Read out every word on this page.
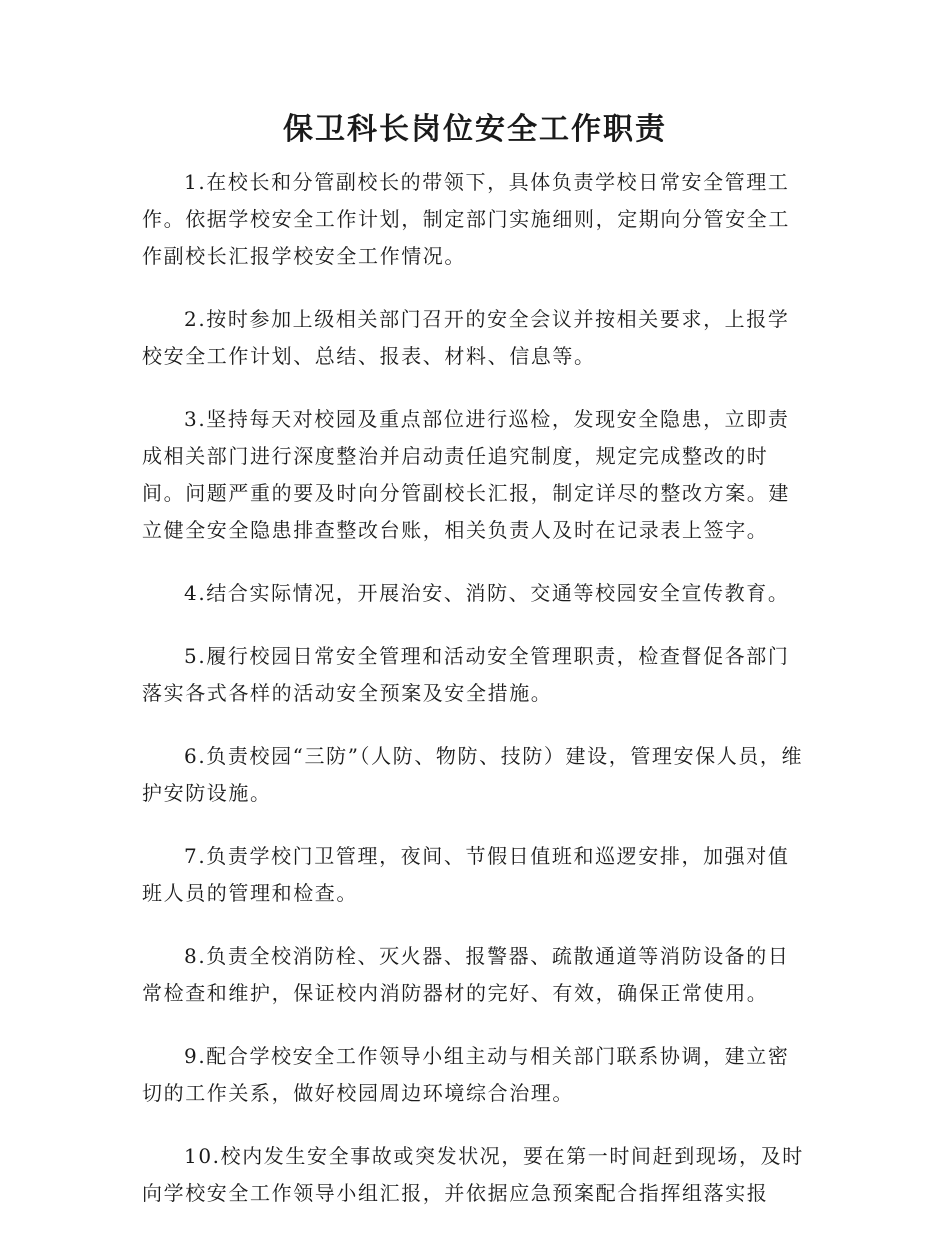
保卫科长岗位安全工作职责

1.在校长和分管副校长的带领下，具体负责学校日常安全管理工作。依据学校安全工作计划，制定部门实施细则，定期向分管安全工作副校长汇报学校安全工作情况。

2.按时参加上级相关部门召开的安全会议并按相关要求，上报学校安全工作计划、总结、报表、材料、信息等。

3.坚持每天对校园及重点部位进行巡检，发现安全隐患，立即责成相关部门进行深度整治并启动责任追究制度，规定完成整改的时间。问题严重的要及时向分管副校长汇报，制定详尽的整改方案。建立健全安全隐患排查整改台账，相关负责人及时在记录表上签字。

4.结合实际情况，开展治安、消防、交通等校园安全宣传教育。

5.履行校园日常安全管理和活动安全管理职责，检查督促各部门落实各式各样的活动安全预案及安全措施。

6.负责校园“三防”（人防、物防、技防）建设，管理安保人员，维护安防设施。

7.负责学校门卫管理，夜间、节假日值班和巡逻安排，加强对值班人员的管理和检查。

8.负责全校消防栓、灭火器、报警器、疏散通道等消防设备的日常检查和维护，保证校内消防器材的完好、有效，确保正常使用。

9.配合学校安全工作领导小组主动与相关部门联系协调，建立密切的工作关系，做好校园周边环境综合治理。

10.校内发生安全事故或突发状况，要在第一时间赶到现场，及时向学校安全工作领导小组汇报，并依据应急预案配合指挥组落实报
